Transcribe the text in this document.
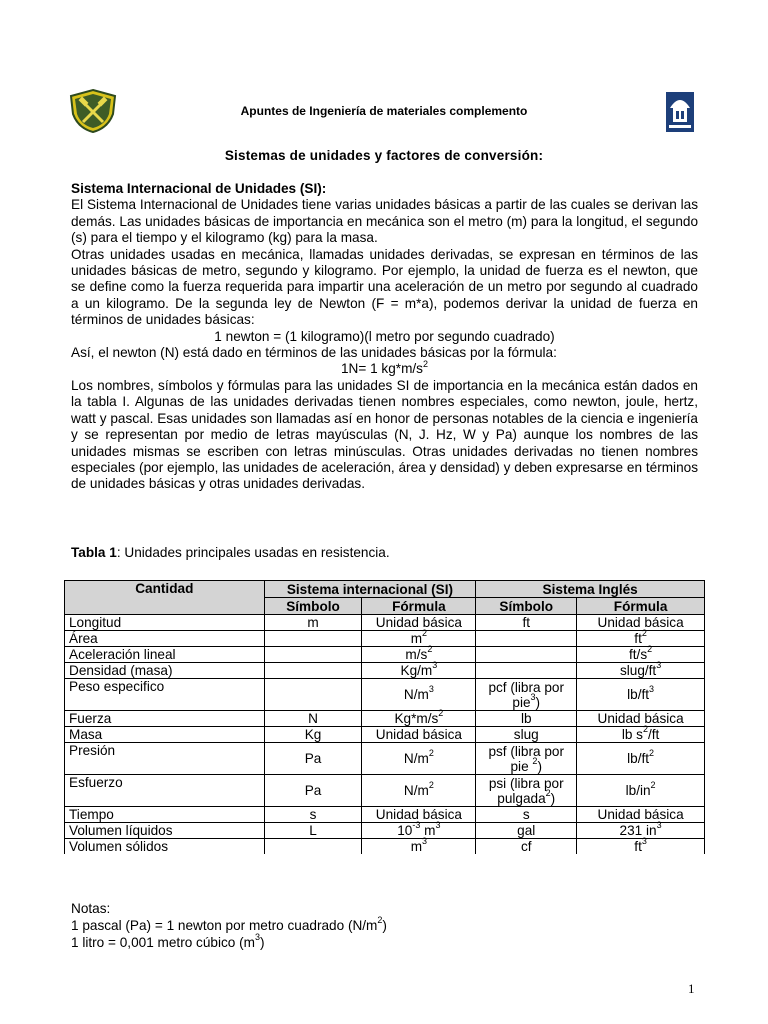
Apuntes de Ingeniería de materiales complemento
Sistemas de unidades y factores de conversión:

Sistema Internacional de Unidades (SI):

El Sistema Internacional de Unidades tiene varias unidades básicas a partir de las cuales se derivan las demás. Las unidades básicas de importancia en mecánica son el metro (m) para la longitud, el segundo (s) para el tiempo y el kilogramo (kg) para la masa.

Otras unidades usadas en mecánica, llamadas unidades derivadas, se expresan en términos de las unidades básicas de metro, segundo y kilogramo. Por ejemplo, la unidad de fuerza es el newton, que se define como la fuerza requerida para impartir una aceleración de un metro por segundo al cuadrado a un kilogramo. De la segunda ley de Newton (F = m*a), podemos derivar la unidad de fuerza en términos de unidades básicas:

1 newton = (1 kilogramo)(l metro por segundo cuadrado)

Así, el newton (N) está dado en términos de las unidades básicas por la fórmula:

1N= 1 $kg*m/s^2$

Los nombres, símbolos y fórmulas para las unidades SI de importancia en la mecánica están dados en la tabla I. Algunas de las unidades derivadas tienen nombres especiales, como newton, joule, hertz, watt y pascal. Esas unidades son llamadas así en honor de personas notables de la ciencia e ingeniería y se representan por medio de letras mayúsculas (N, J. Hz, W y Pa) aunque los nombres de las unidades mismas se escriben con letras minúsculas. Otras unidades derivadas no tienen nombres especiales (por ejemplo, las unidades de aceleración, área y densidad) y deben expresarse en términos de unidades básicas y otras unidades derivadas.

Tabla 1: Unidades principales usadas en resistencia.
Cantidad	Sistema internacional (SI)		Sistema Inglés	
	Símbolo	Fórmula	Símbolo	Fórmula
Longitud	m	Unidad básica	ft	Unidad básica
Área		$m^2$		$ft^2$
Aceleración lineal		$m/s^2$		$ft/s^2$
Densidad (masa)		$Kg/m^3$		slug/$ft^3$
Peso especifico		$N/m^3$	pcf (libra por
pie$^3$)	$lb/ft^3$
Fuerza	N	$Kg*m/s^2$	lb	Unidad básica
Masa	Kg	Unidad básica	slug	lb $s^2/ft$
Presión	Pa	$N/m^2$	psf (libra por
pie $^2$)	$lb/ft^2$
Esfuerzo	Pa	$N/m^2$	psi (libra por
pulgada$^2$)	$lb/in^2$
Tiempo	s	Unidad básica	s	Unidad básica
Volumen líquidos	L	$10^{-3}$ $m^3$	gal	231 $in^3$
Volumen sólidos		$m^3$	cf	$ft^3$

Notas:

1 pascal (Pa) = 1 newton por metro cuadrado $(N/m^2)$

1 litro = 0,001 metro cúbico $(m^3)$

1
